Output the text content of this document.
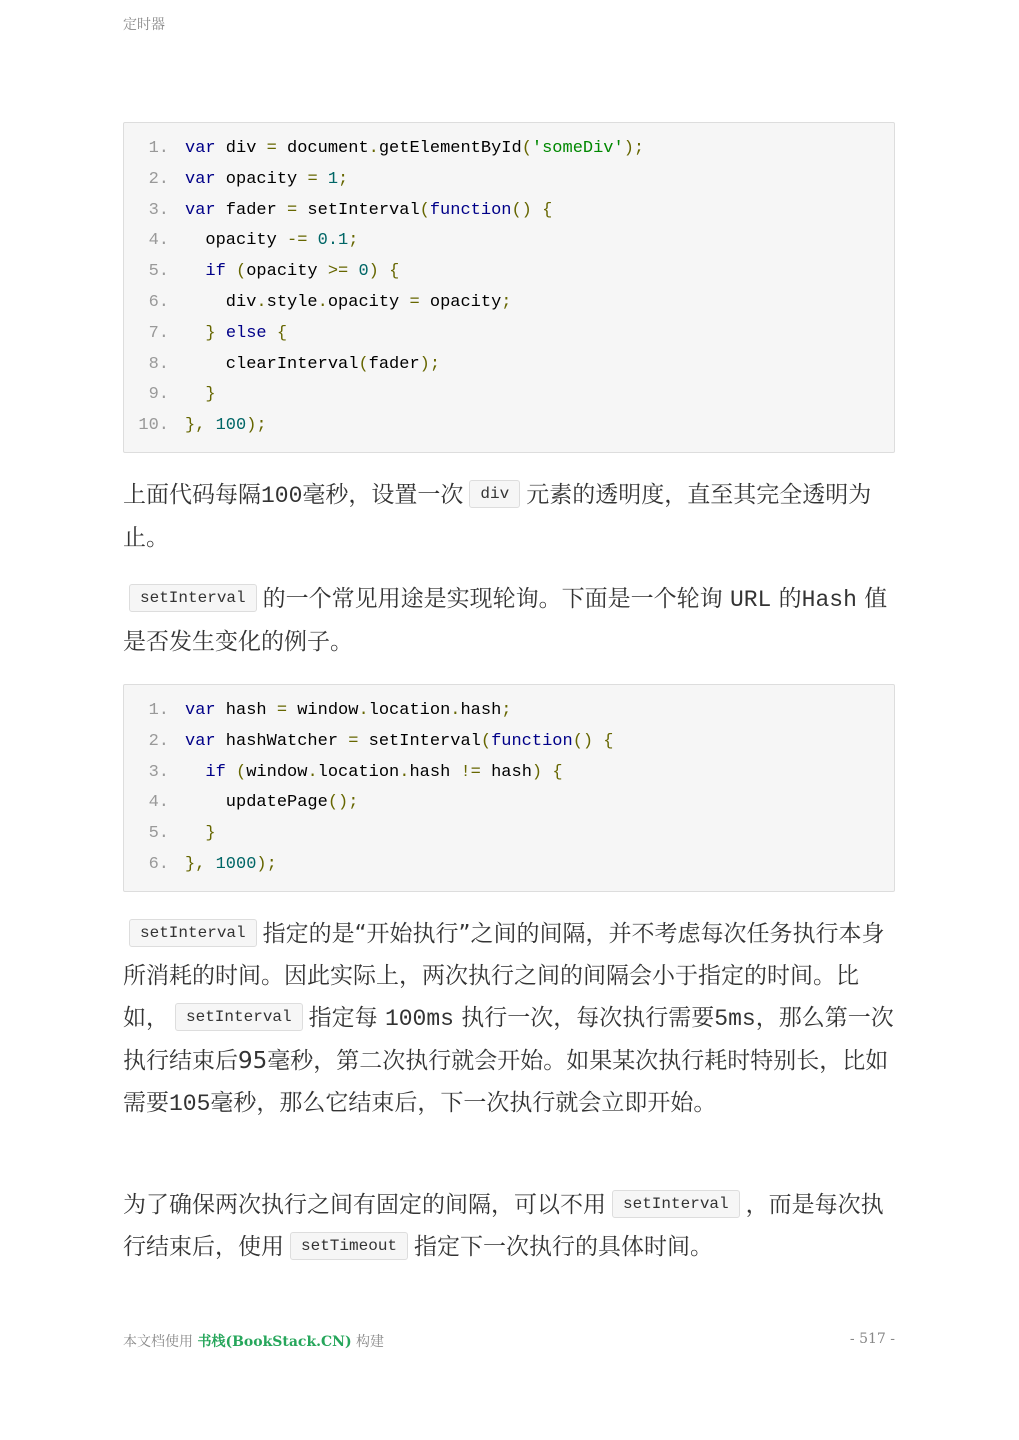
定时器
1. var div = document.getElementById('someDiv');
2. var opacity = 1;
3. var fader = setInterval(function() {
4. opacity -= 0.1;
5.	if (opacity >= 0) {
6. div.style.opacity = opacity;
7.	} else {
8. clearInterval(fader);
9.	}
10. }, 100);
上面代码每隔100毫秒，设置一次 div 元素的透明度，直至其完全透明为止。
setInterval 的一个常见用途是实现轮询。下面是一个轮询 URL 的Hash 值是否发生变化的例子。
1. var hash = window.location.hash;
2. var hashWatcher = setInterval(function() {
3.	if (window.location.hash != hash) {
4. updatePage();
5.	}
6. }, 1000);
setInterval 指定的是“开始执行”之间的间隔，并不考虑每次任务执行本身所消耗的时间。因此实际上，两次执行之间的间隔会小于指定的时间。比如， setInterval 指定每 100ms 执行一次，每次执行需要5ms，那么第一次执行结束后95毫秒，第二次执行就会开始。如果某次执行耗时特别长，比如需要105毫秒，那么它结束后，下一次执行就会立即开始。
为了确保两次执行之间有固定的间隔，可以不用 setInterval ，而是每次执行结束后，使用 setTimeout 指定下一次执行的具体时间。
本文档使用 书栈(BookStack.CN) 构建	- 517 -
